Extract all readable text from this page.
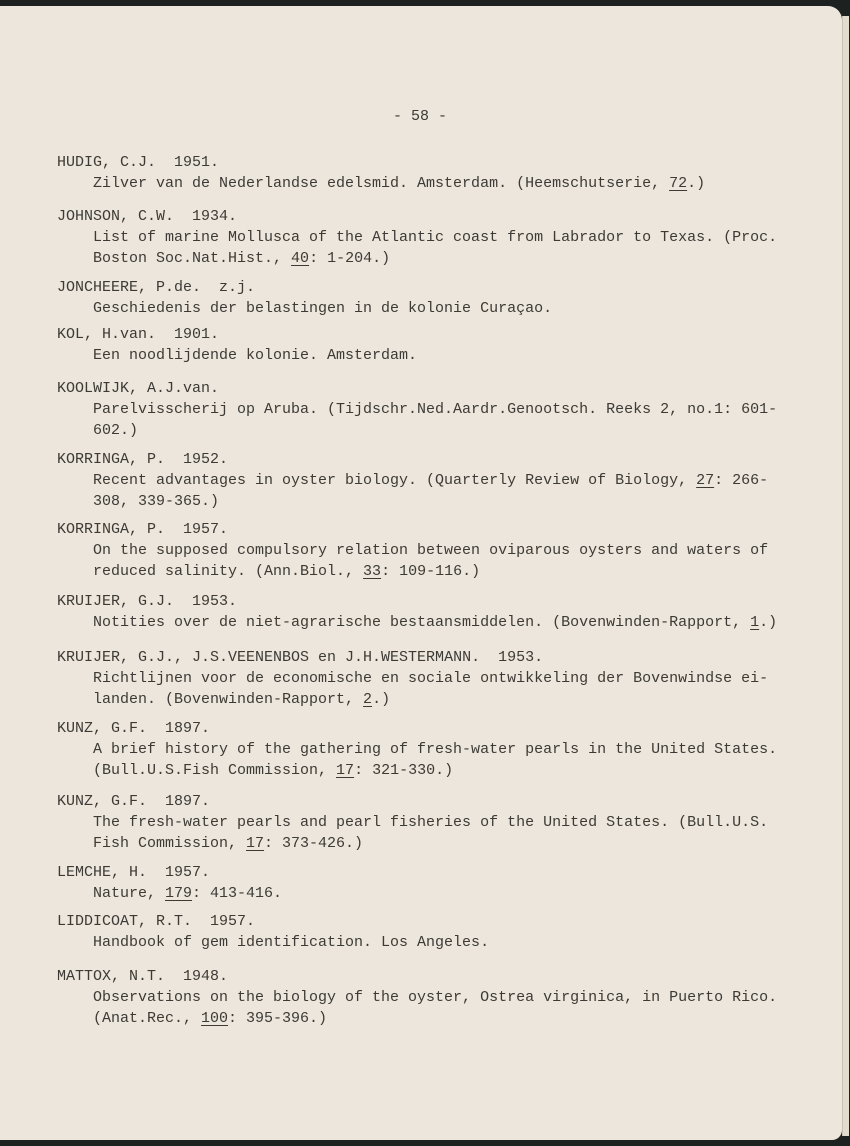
- 58 -
HUDIG, C.J.  1951.
Zilver van de Nederlandse edelsmid. Amsterdam. (Heemschutserie, 72.)
JOHNSON, C.W.  1934.
List of marine Mollusca of the Atlantic coast from Labrador to Texas. (Proc.
Boston Soc.Nat.Hist., 40: 1-204.)
JONCHEERE, P.de.  z.j.
Geschiedenis der belastingen in de kolonie Curaçao.
KOL, H.van.  1901.
Een noodlijdende kolonie. Amsterdam.
KOOLWIJK, A.J.van.
Parelvisscherij op Aruba. (Tijdschr.Ned.Aardr.Genootsch. Reeks 2, no.1: 601-
602.)
KORRINGA, P.  1952.
Recent advantages in oyster biology. (Quarterly Review of Biology, 27: 266-
308, 339-365.)
KORRINGA, P.  1957.
On the supposed compulsory relation between oviparous oysters and waters of
reduced salinity. (Ann.Biol., 33: 109-116.)
KRUIJER, G.J.  1953.
Notities over de niet-agrarische bestaansmiddelen. (Bovenwinden-Rapport, 1.)
KRUIJER, G.J., J.S.VEENENBOS en J.H.WESTERMANN.  1953.
Richtlijnen voor de economische en sociale ontwikkeling der Bovenwindse ei-
landen. (Bovenwinden-Rapport, 2.)
KUNZ, G.F.  1897.
A brief history of the gathering of fresh-water pearls in the United States.
(Bull.U.S.Fish Commission, 17: 321-330.)
KUNZ, G.F.  1897.
The fresh-water pearls and pearl fisheries of the United States. (Bull.U.S.
Fish Commission, 17: 373-426.)
LEMCHE, H.  1957.
Nature, 179: 413-416.
LIDDICOAT, R.T.  1957.
Handbook of gem identification. Los Angeles.
MATTOX, N.T.  1948.
Observations on the biology of the oyster, Ostrea virginica, in Puerto Rico.
(Anat.Rec., 100: 395-396.)
